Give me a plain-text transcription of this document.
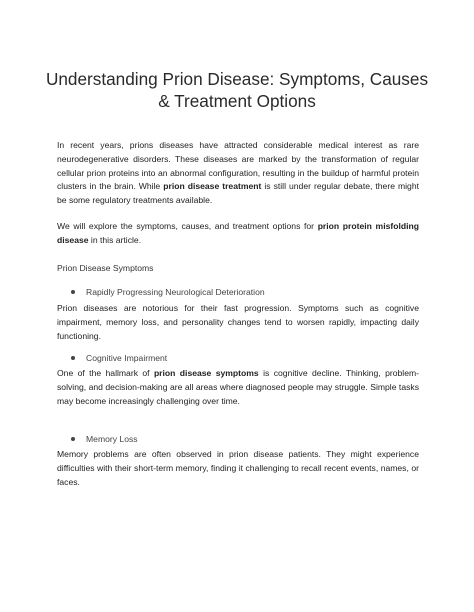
Understanding Prion Disease: Symptoms, Causes & Treatment Options

In recent years, prions diseases have attracted considerable medical interest as rare neurodegenerative disorders. These diseases are marked by the transformation of regular cellular prion proteins into an abnormal configuration, resulting in the buildup of harmful protein clusters in the brain. While prion disease treatment is still under regular debate, there might be some regulatory treatments available.

We will explore the symptoms, causes, and treatment options for prion protein misfolding disease in this article.

Prion Disease Symptoms

Rapidly Progressing Neurological Deterioration

Prion diseases are notorious for their fast progression. Symptoms such as cognitive impairment, memory loss, and personality changes tend to worsen rapidly, impacting daily functioning.

Cognitive Impairment

One of the hallmark of prion disease symptoms is cognitive decline. Thinking, problem-solving, and decision-making are all areas where diagnosed people may struggle. Simple tasks may become increasingly challenging over time.

Memory Loss

Memory problems are often observed in prion disease patients. They might experience difficulties with their short-term memory, finding it challenging to recall recent events, names, or faces.
